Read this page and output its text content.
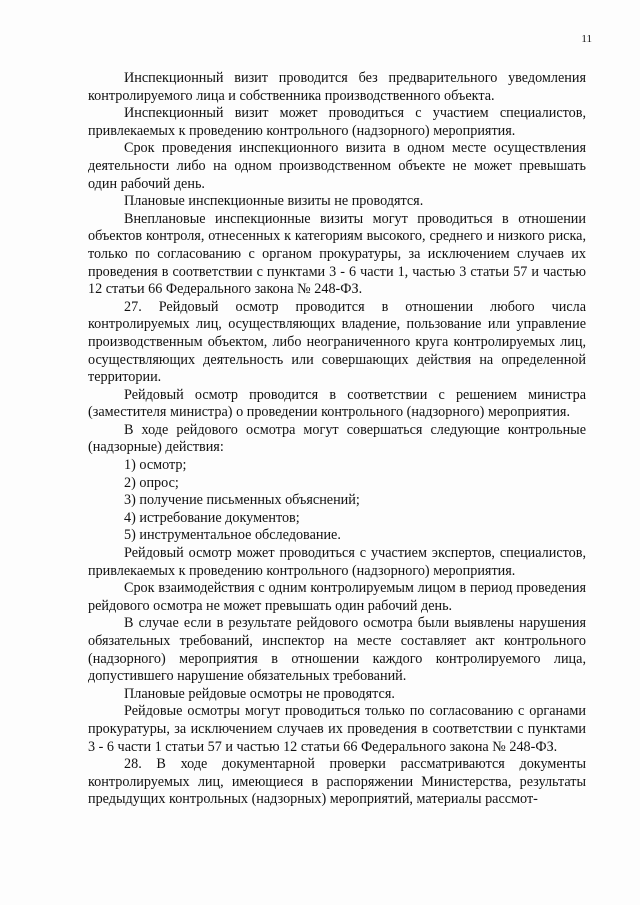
11

Инспекционный визит проводится без предварительного уведомления контролируемого лица и собственника производственного объекта.

Инспекционный визит может проводиться с участием специалистов, привлекаемых к проведению контрольного (надзорного) мероприятия.

Срок проведения инспекционного визита в одном месте осуществления деятельности либо на одном производственном объекте не может превышать один рабочий день.

Плановые инспекционные визиты не проводятся.

Внеплановые инспекционные визиты могут проводиться в отношении объектов контроля, отнесенных к категориям высокого, среднего и низкого риска, только по согласованию с органом прокуратуры, за исключением случаев их проведения в соответствии с пунктами 3 - 6 части 1, частью 3 статьи 57 и частью 12 статьи 66 Федерального закона № 248-ФЗ.

27. Рейдовый осмотр проводится в отношении любого числа контролируемых лиц, осуществляющих владение, пользование или управление производственным объектом, либо неограниченного круга контролируемых лиц, осуществляющих деятельность или совершающих действия на определенной территории.

Рейдовый осмотр проводится в соответствии с решением министра (заместителя министра) о проведении контрольного (надзорного) мероприятия.

В ходе рейдового осмотра могут совершаться следующие контрольные (надзорные) действия:

1) осмотр;

2) опрос;

3) получение письменных объяснений;

4) истребование документов;

5) инструментальное обследование.

Рейдовый осмотр может проводиться с участием экспертов, специалистов, привлекаемых к проведению контрольного (надзорного) мероприятия.

Срок взаимодействия с одним контролируемым лицом в период проведения рейдового осмотра не может превышать один рабочий день.

В случае если в результате рейдового осмотра были выявлены нарушения обязательных требований, инспектор на месте составляет акт контрольного (надзорного) мероприятия в отношении каждого контролируемого лица, допустившего нарушение обязательных требований.

Плановые рейдовые осмотры не проводятся.

Рейдовые осмотры могут проводиться только по согласованию с органами прокуратуры, за исключением случаев их проведения в соответствии с пунктами 3 - 6 части 1 статьи 57 и частью 12 статьи 66 Федерального закона № 248-ФЗ.

28. В ходе документарной проверки рассматриваются документы контролируемых лиц, имеющиеся в распоряжении Министерства, результаты предыдущих контрольных (надзорных) мероприятий, материалы рассмот-
